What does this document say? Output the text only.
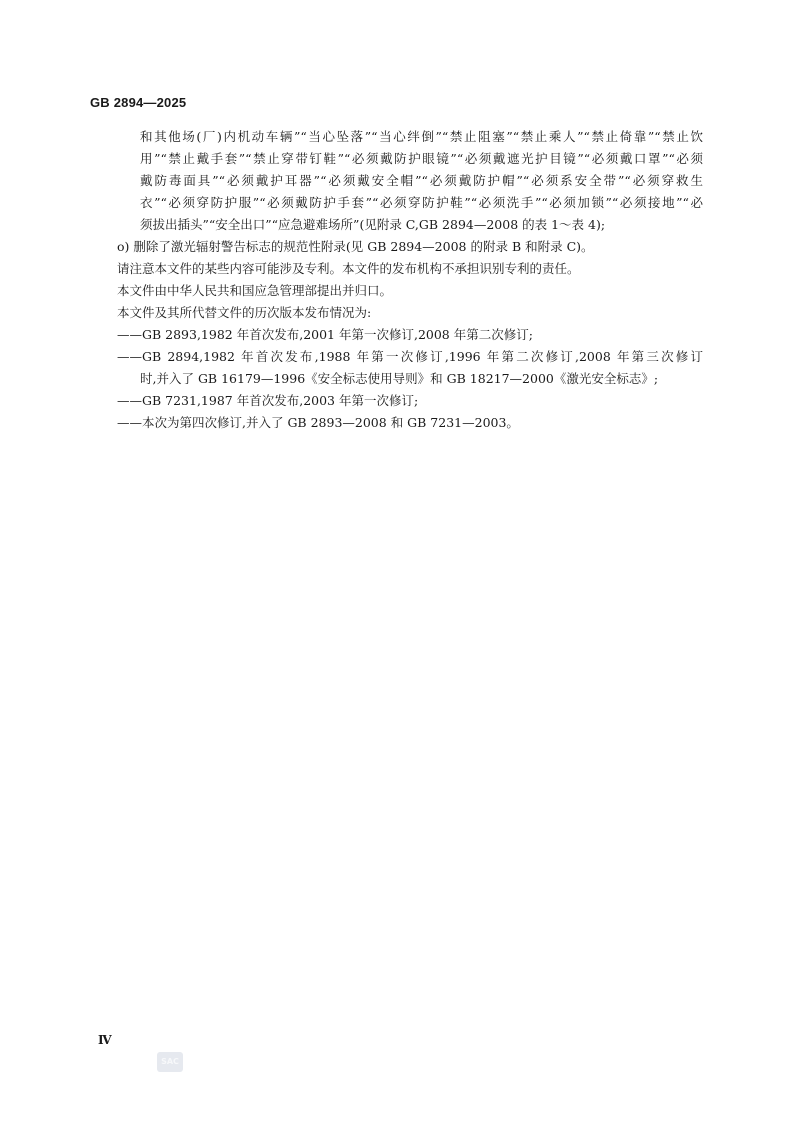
GB 2894—2025
和其他场(厂)内机动车辆”“当心坠落”“当心绊倒”“禁止阻塞”“禁止乘人”“禁止倚靠”“禁止饮
用”“禁止戴手套”“禁止穿带钉鞋”“必须戴防护眼镜”“必须戴遮光护目镜”“必须戴口罩”“必须
戴防毒面具”“必须戴护耳器”“必须戴安全帽”“必须戴防护帽”“必须系安全带”“必须穿救生
衣”“必须穿防护服”“必须戴防护手套”“必须穿防护鞋”“必须洗手”“必须加锁”“必须接地”“必
须拔出插头”“安全出口”“应急避难场所”(见附录 C,GB 2894—2008 的表 1～表 4);
o) 删除了激光辐射警告标志的规范性附录(见 GB 2894—2008 的附录 B 和附录 C)。
请注意本文件的某些内容可能涉及专利。本文件的发布机构不承担识别专利的责任。
本文件由中华人民共和国应急管理部提出并归口。
本文件及其所代替文件的历次版本发布情况为:
——GB 2893,1982 年首次发布,2001 年第一次修订,2008 年第二次修订;
——GB 2894,1982 年首次发布,1988 年第一次修订,1996 年第二次修订,2008 年第三次修订
时,并入了 GB 16179—1996《安全标志使用导则》和 GB 18217—2000《激光安全标志》;
——GB 7231,1987 年首次发布,2003 年第一次修订;
——本次为第四次修订,并入了 GB 2893—2008 和 GB 7231—2003。
Ⅳ
SAC
